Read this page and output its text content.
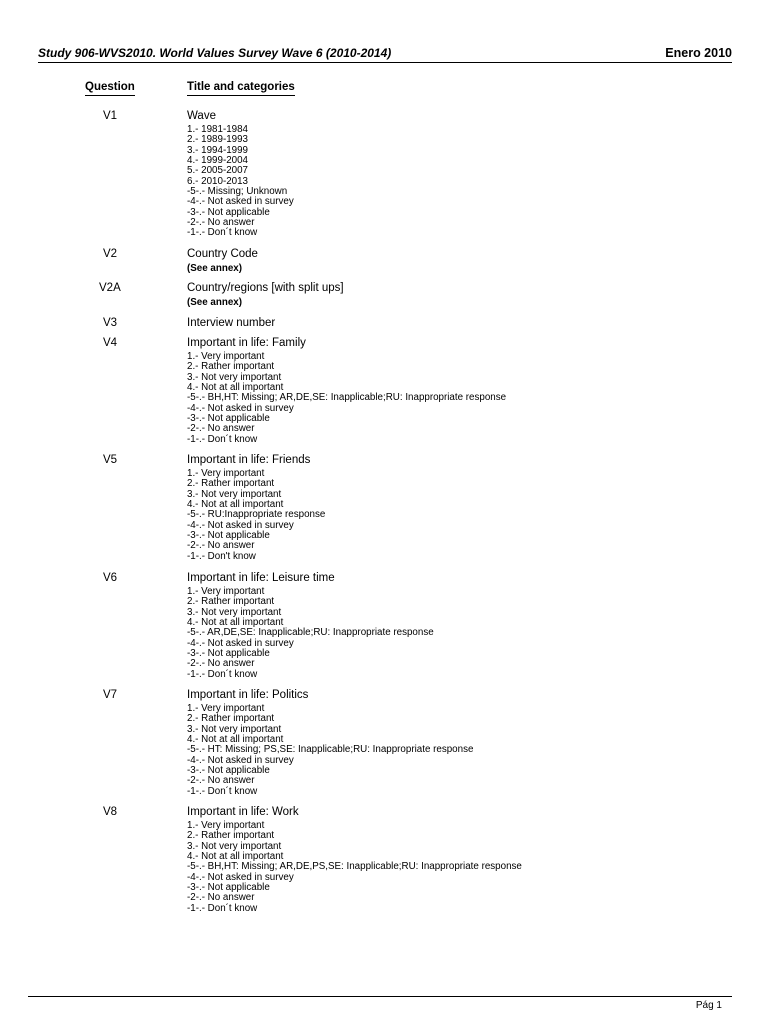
Study 906-WVS2010. World Values Survey Wave 6 (2010-2014)	Enero 2010
Question	Title and categories
V1	Wave
1.- 1981-1984
2.- 1989-1993
3.- 1994-1999
4.- 1999-2004
5.- 2005-2007
6.- 2010-2013
-5-.- Missing; Unknown
-4-.- Not asked in survey
-3-.- Not applicable
-2-.- No answer
-1-.- Don´t know
V2	Country Code
(See annex)
V2A	Country/regions [with split ups]
(See annex)
V3	Interview number
V4	Important in life: Family
1.- Very important
2.- Rather important
3.- Not very important
4.- Not at all important
-5-.- BH,HT: Missing; AR,DE,SE: Inapplicable;RU: Inappropriate response
-4-.- Not asked in survey
-3-.- Not applicable
-2-.- No answer
-1-.- Don´t know
V5	Important in life: Friends
1.- Very important
2.- Rather important
3.- Not very important
4.- Not at all important
-5-.- RU:Inappropriate response
-4-.- Not asked in survey
-3-.- Not applicable
-2-.- No answer
-1-.- Don't know
V6	Important in life: Leisure time
1.- Very important
2.- Rather important
3.- Not very important
4.- Not at all important
-5-.- AR,DE,SE: Inapplicable;RU: Inappropriate response
-4-.- Not asked in survey
-3-.- Not applicable
-2-.- No answer
-1-.- Don´t know
V7	Important in life: Politics
1.- Very important
2.- Rather important
3.- Not very important
4.- Not at all important
-5-.- HT: Missing; PS,SE: Inapplicable;RU: Inappropriate response
-4-.- Not asked in survey
-3-.- Not applicable
-2-.- No answer
-1-.- Don´t know
V8	Important in life: Work
1.- Very important
2.- Rather important
3.- Not very important
4.- Not at all important
-5-.- BH,HT: Missing; AR,DE,PS,SE: Inapplicable;RU: Inappropriate response
-4-.- Not asked in survey
-3-.- Not applicable
-2-.- No answer
-1-.- Don´t know
Pág 1
